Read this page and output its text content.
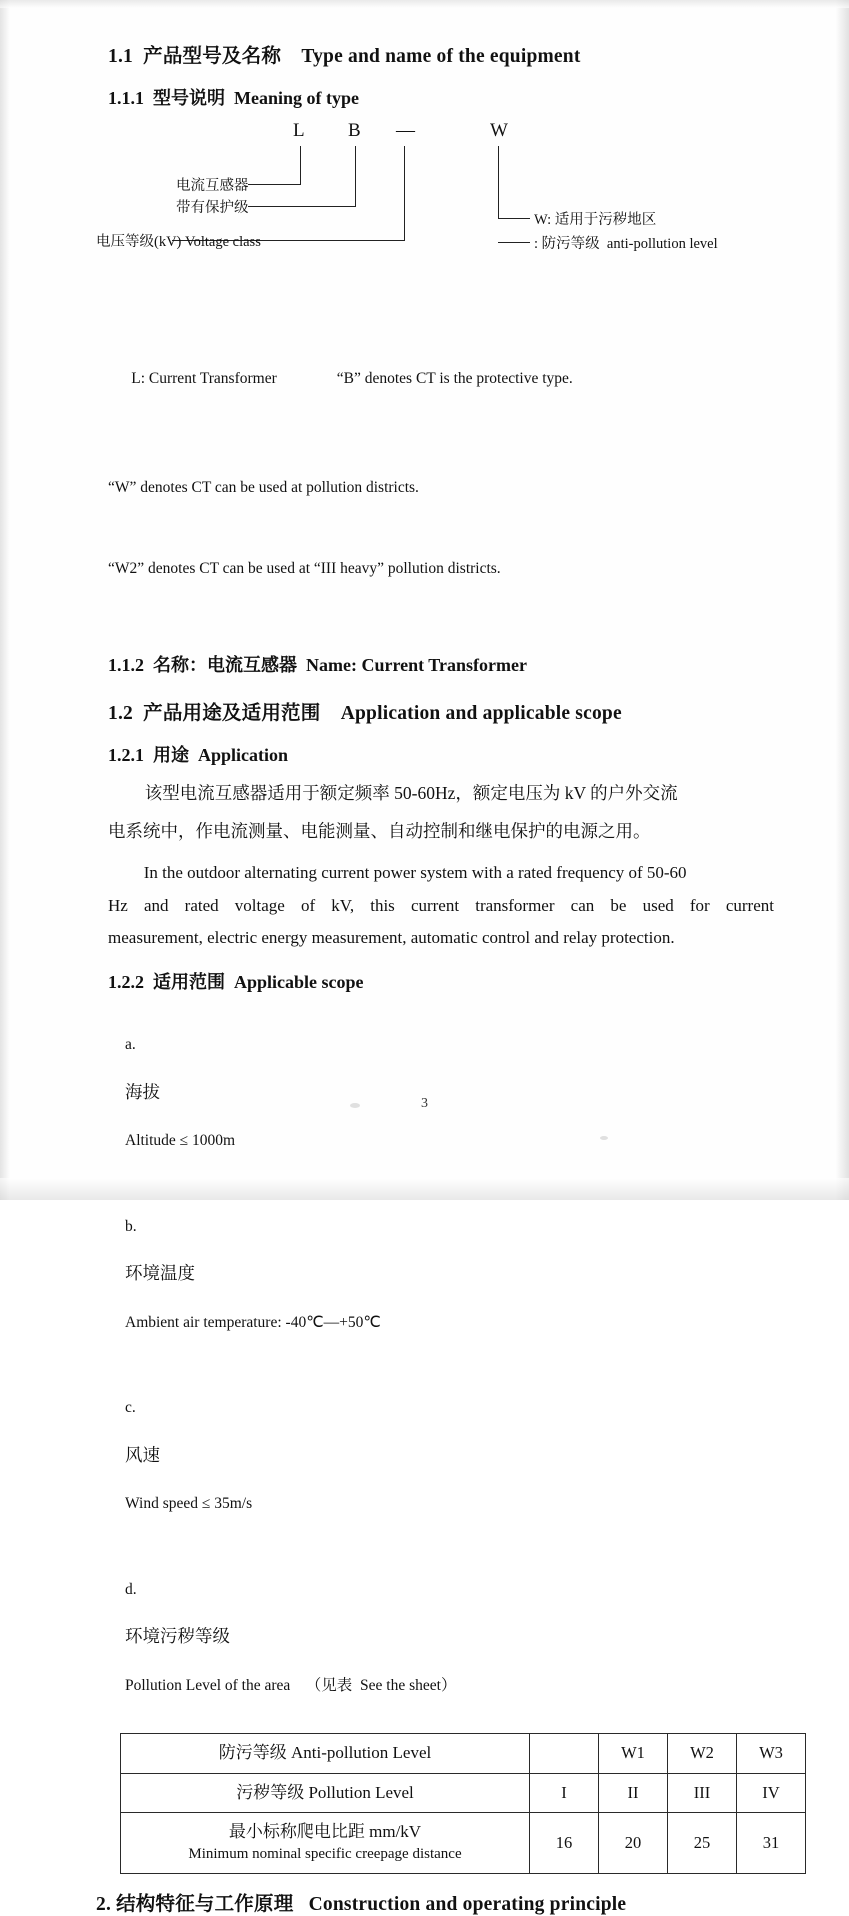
1.1  产品型号及名称    Type and name of the equipment
1.1.1  型号说明  Meaning of type
L B —	W
电流互感器
带有保护级
电压等级(kV) Voltage class
W: 适用于污秽地区
: 防污等级  anti-pollution level

L: Current Transformer	“B” denotes CT is the protective type.

“W” denotes CT can be used at pollution districts.

“W2” denotes CT can be used at “III heavy” pollution districts.

1.1.2  名称：电流互感器  Name: Current Transformer
1.2  产品用途及适用范围    Application and applicable scope
1.2.1  用途  Application

该型电流互感器适用于额定频率 50-60Hz，额定电压为 kV 的户外交流

电系统中，作电流测量、电能测量、自动控制和继电保护的电源之用。

In the outdoor alternating current power system with a rated frequency of 50-60

Hz and rated voltage of kV, this current transformer can be used for current

measurement, electric energy measurement, automatic control and relay protection.

1.2.2  适用范围  Applicable scope

a.

海拔

Altitude ≤ 1000m

b.

环境温度

Ambient air temperature: -40℃—+50℃

c.

风速

Wind speed ≤ 35m/s

d.

环境污秽等级

Pollution Level of the area    （见表  See the sheet）

防污等级 Anti-pollution Level		W1	W2	W3
污秽等级 Pollution Level	I	II	III	IV
最小标称爬电比距 mm/kV
Minimum nominal specific creepage distance	16	20	25	31
2. 结构特征与工作原理   Construction and operating principle
3
